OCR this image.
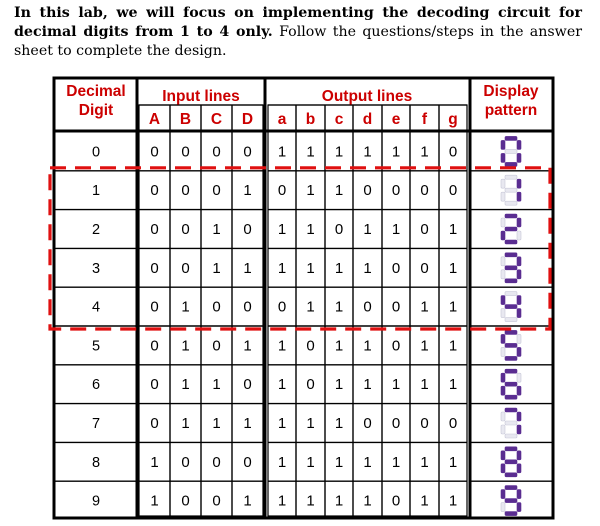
In this lab, we will focus on implementing the decoding circuit for decimal digits from 1 to 4 only. Follow the questions/steps in the answer sheet to complete the design.
Decimal
Digit
Input lines	Output lines	Display
pattern
A B C D a b c d e f g
0	0 0 0 0 1 1 1 1 1 1 0
1	0 0 0 1 0 1 1 0 0 0 0
2	0 0 1 0 1 1 0 1 1 0 1
3	0 0 1 1 1 1 1 1 0 0 1
4	0 1 0 0 0 1 1 0 0 1 1
5	0 1 0 1 1 0 1 1 0 1 1
6	0 1 1 0 1 0 1 1 1 1 1
7	0 1 1 1 1 1 1 0 0 0 0
8	1 0 0 0 1 1 1 1 1 1 1
9	1 0 0 1 1 1 1 1 0 1 1
